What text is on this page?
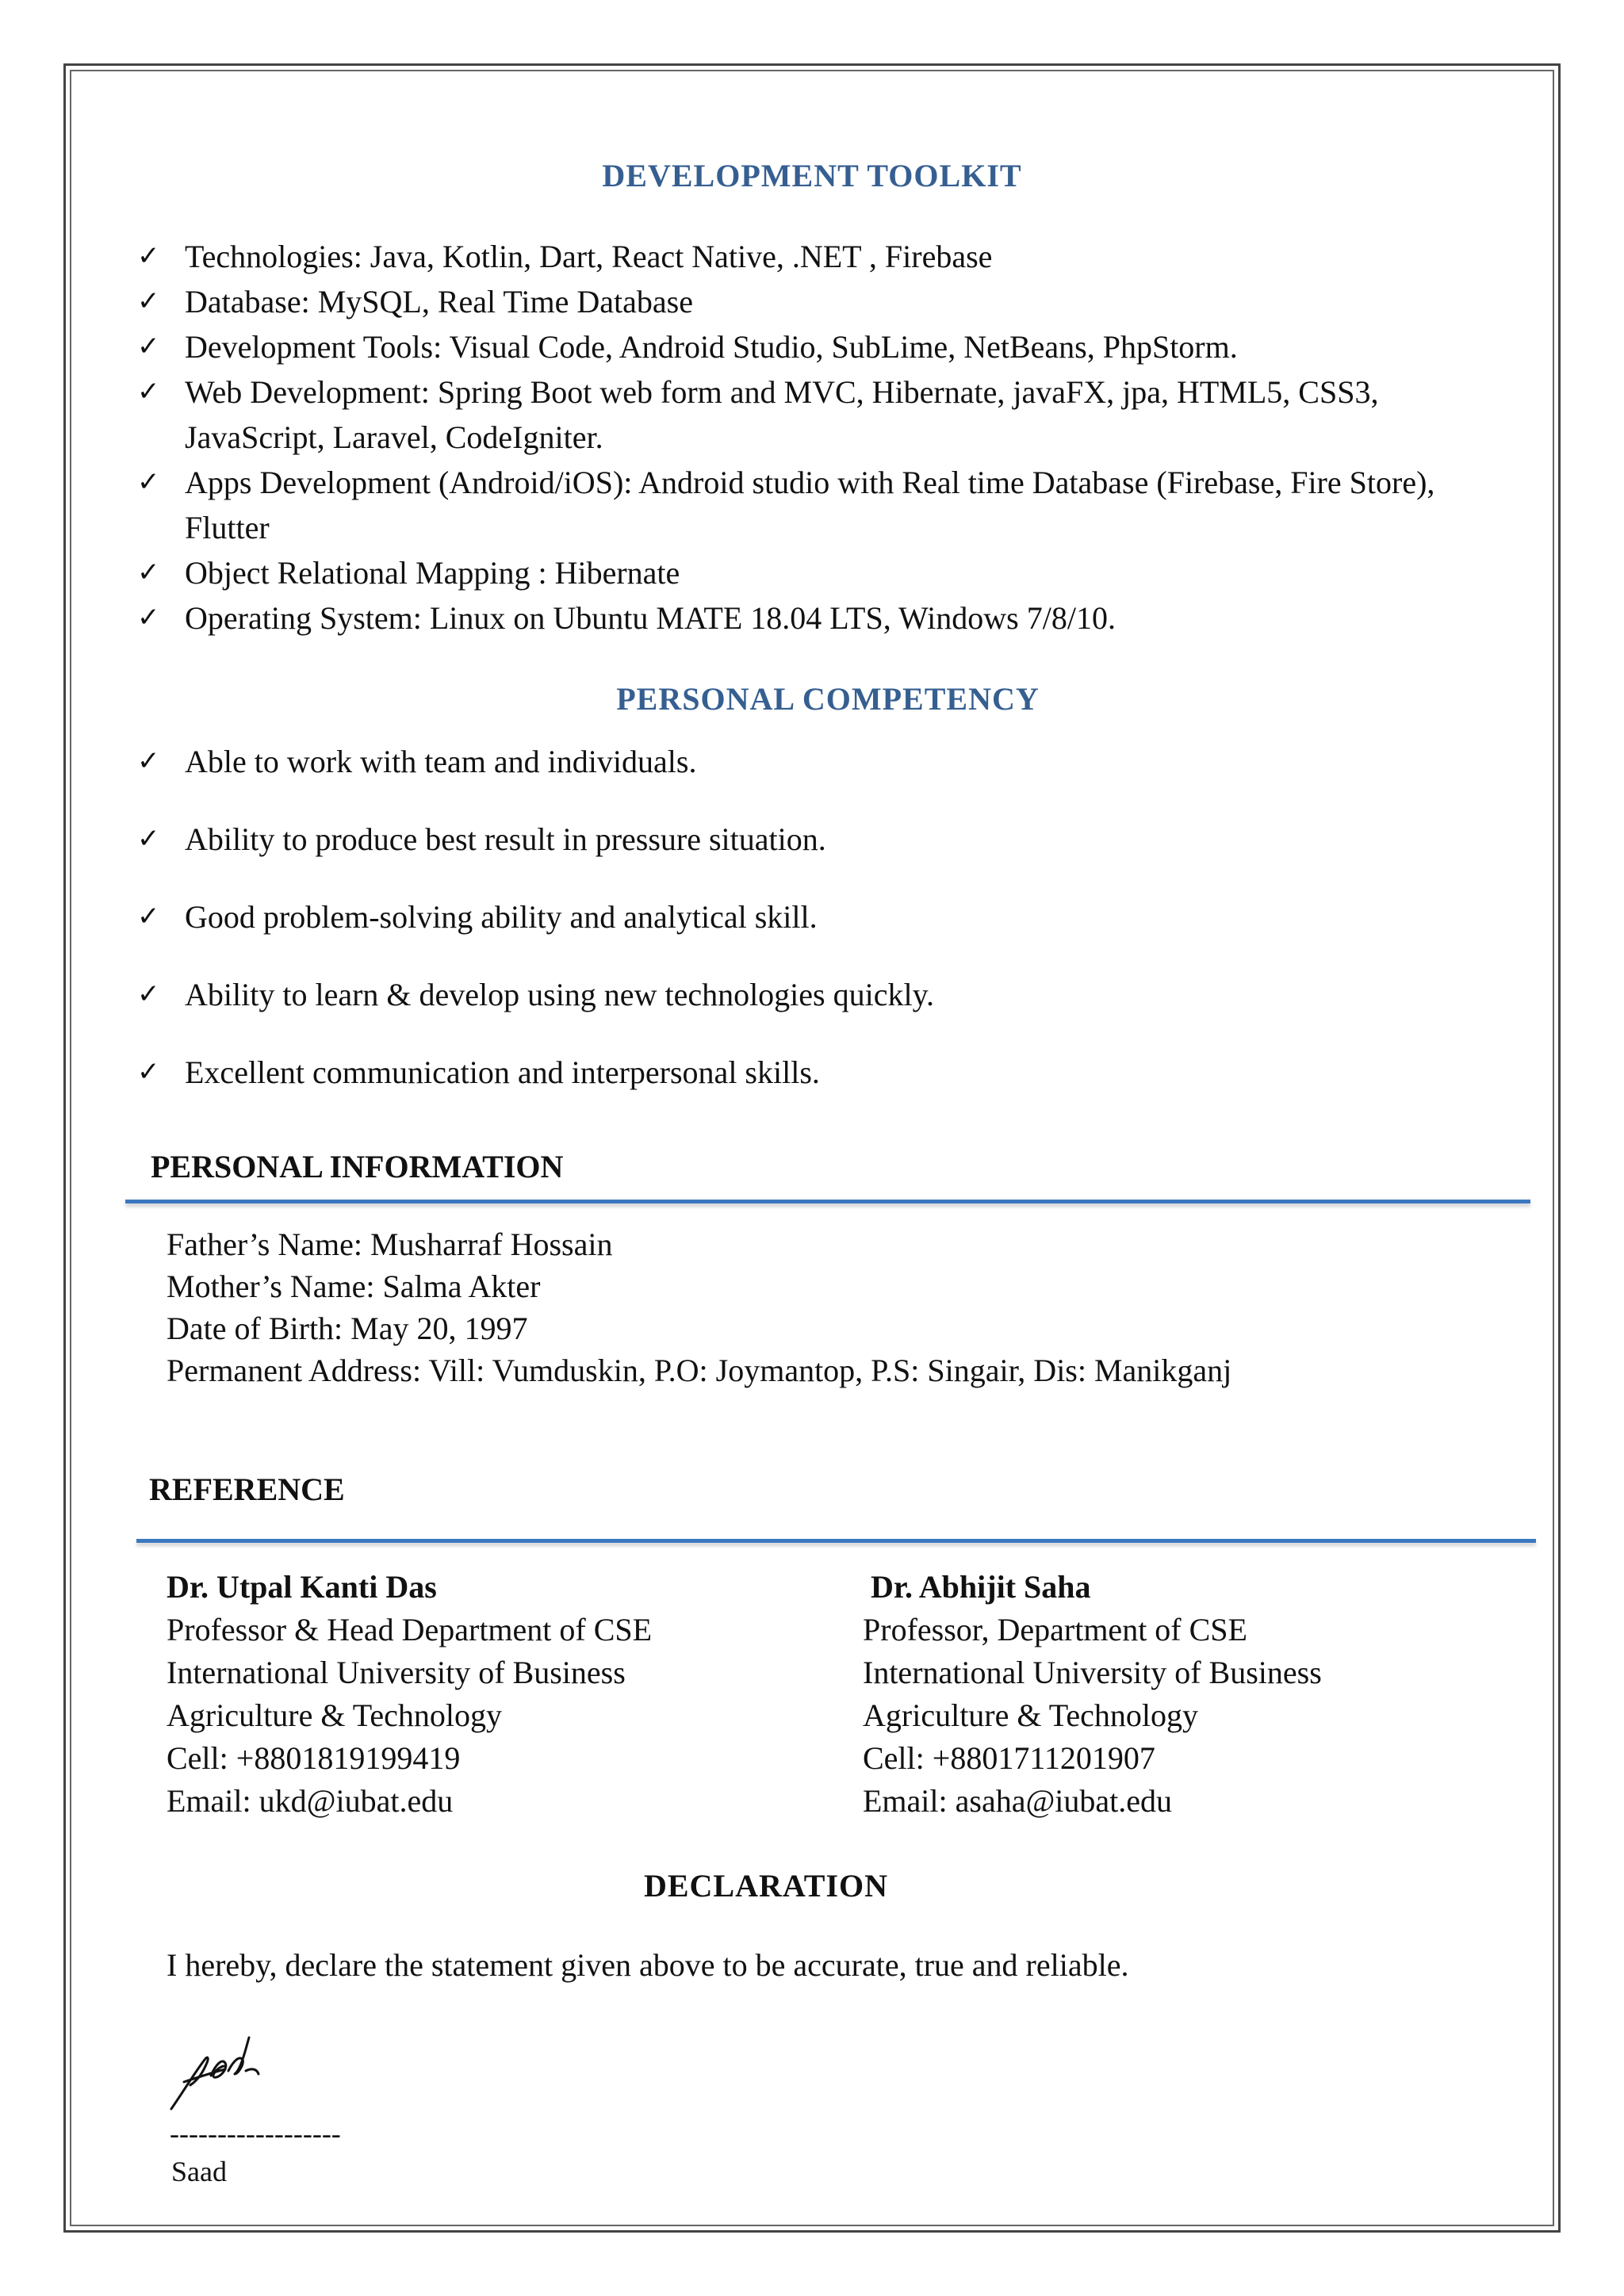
DEVELOPMENT TOOLKIT
✓ Technologies: Java, Kotlin, Dart, React Native, .NET , Firebase
✓ Database: MySQL, Real Time Database
✓ Development Tools: Visual Code, Android Studio, SubLime, NetBeans, PhpStorm.
✓ Web Development: Spring Boot web form and MVC, Hibernate, javaFX, jpa, HTML5, CSS3, JavaScript, Laravel, CodeIgniter.
✓ Apps Development (Android/iOS): Android studio with Real time Database (Firebase, Fire Store), Flutter
✓ Object Relational Mapping : Hibernate
✓ Operating System: Linux on Ubuntu MATE 18.04 LTS, Windows 7/8/10.
PERSONAL COMPETENCY
✓ Able to work with team and individuals.
✓ Ability to produce best result in pressure situation.
✓ Good problem-solving ability and analytical skill.
✓ Ability to learn & develop using new technologies quickly.
✓ Excellent communication and interpersonal skills.
PERSONAL INFORMATION
Father’s Name: Musharraf Hossain
Mother’s Name: Salma Akter
Date of Birth: May 20, 1997
Permanent Address: Vill: Vumduskin, P.O: Joymantop, P.S: Singair, Dis: Manikganj
REFERENCE
Dr. Utpal Kanti Das
Professor & Head Department of CSE
International University of Business
Agriculture & Technology
Cell: +8801819199419
Email: ukd@iubat.edu
Dr. Abhijit Saha
Professor, Department of CSE
International University of Business
Agriculture & Technology
Cell: +8801711201907
Email: asaha@iubat.edu
DECLARATION
I hereby, declare the statement given above to be accurate, true and reliable.
------------------
Saad
